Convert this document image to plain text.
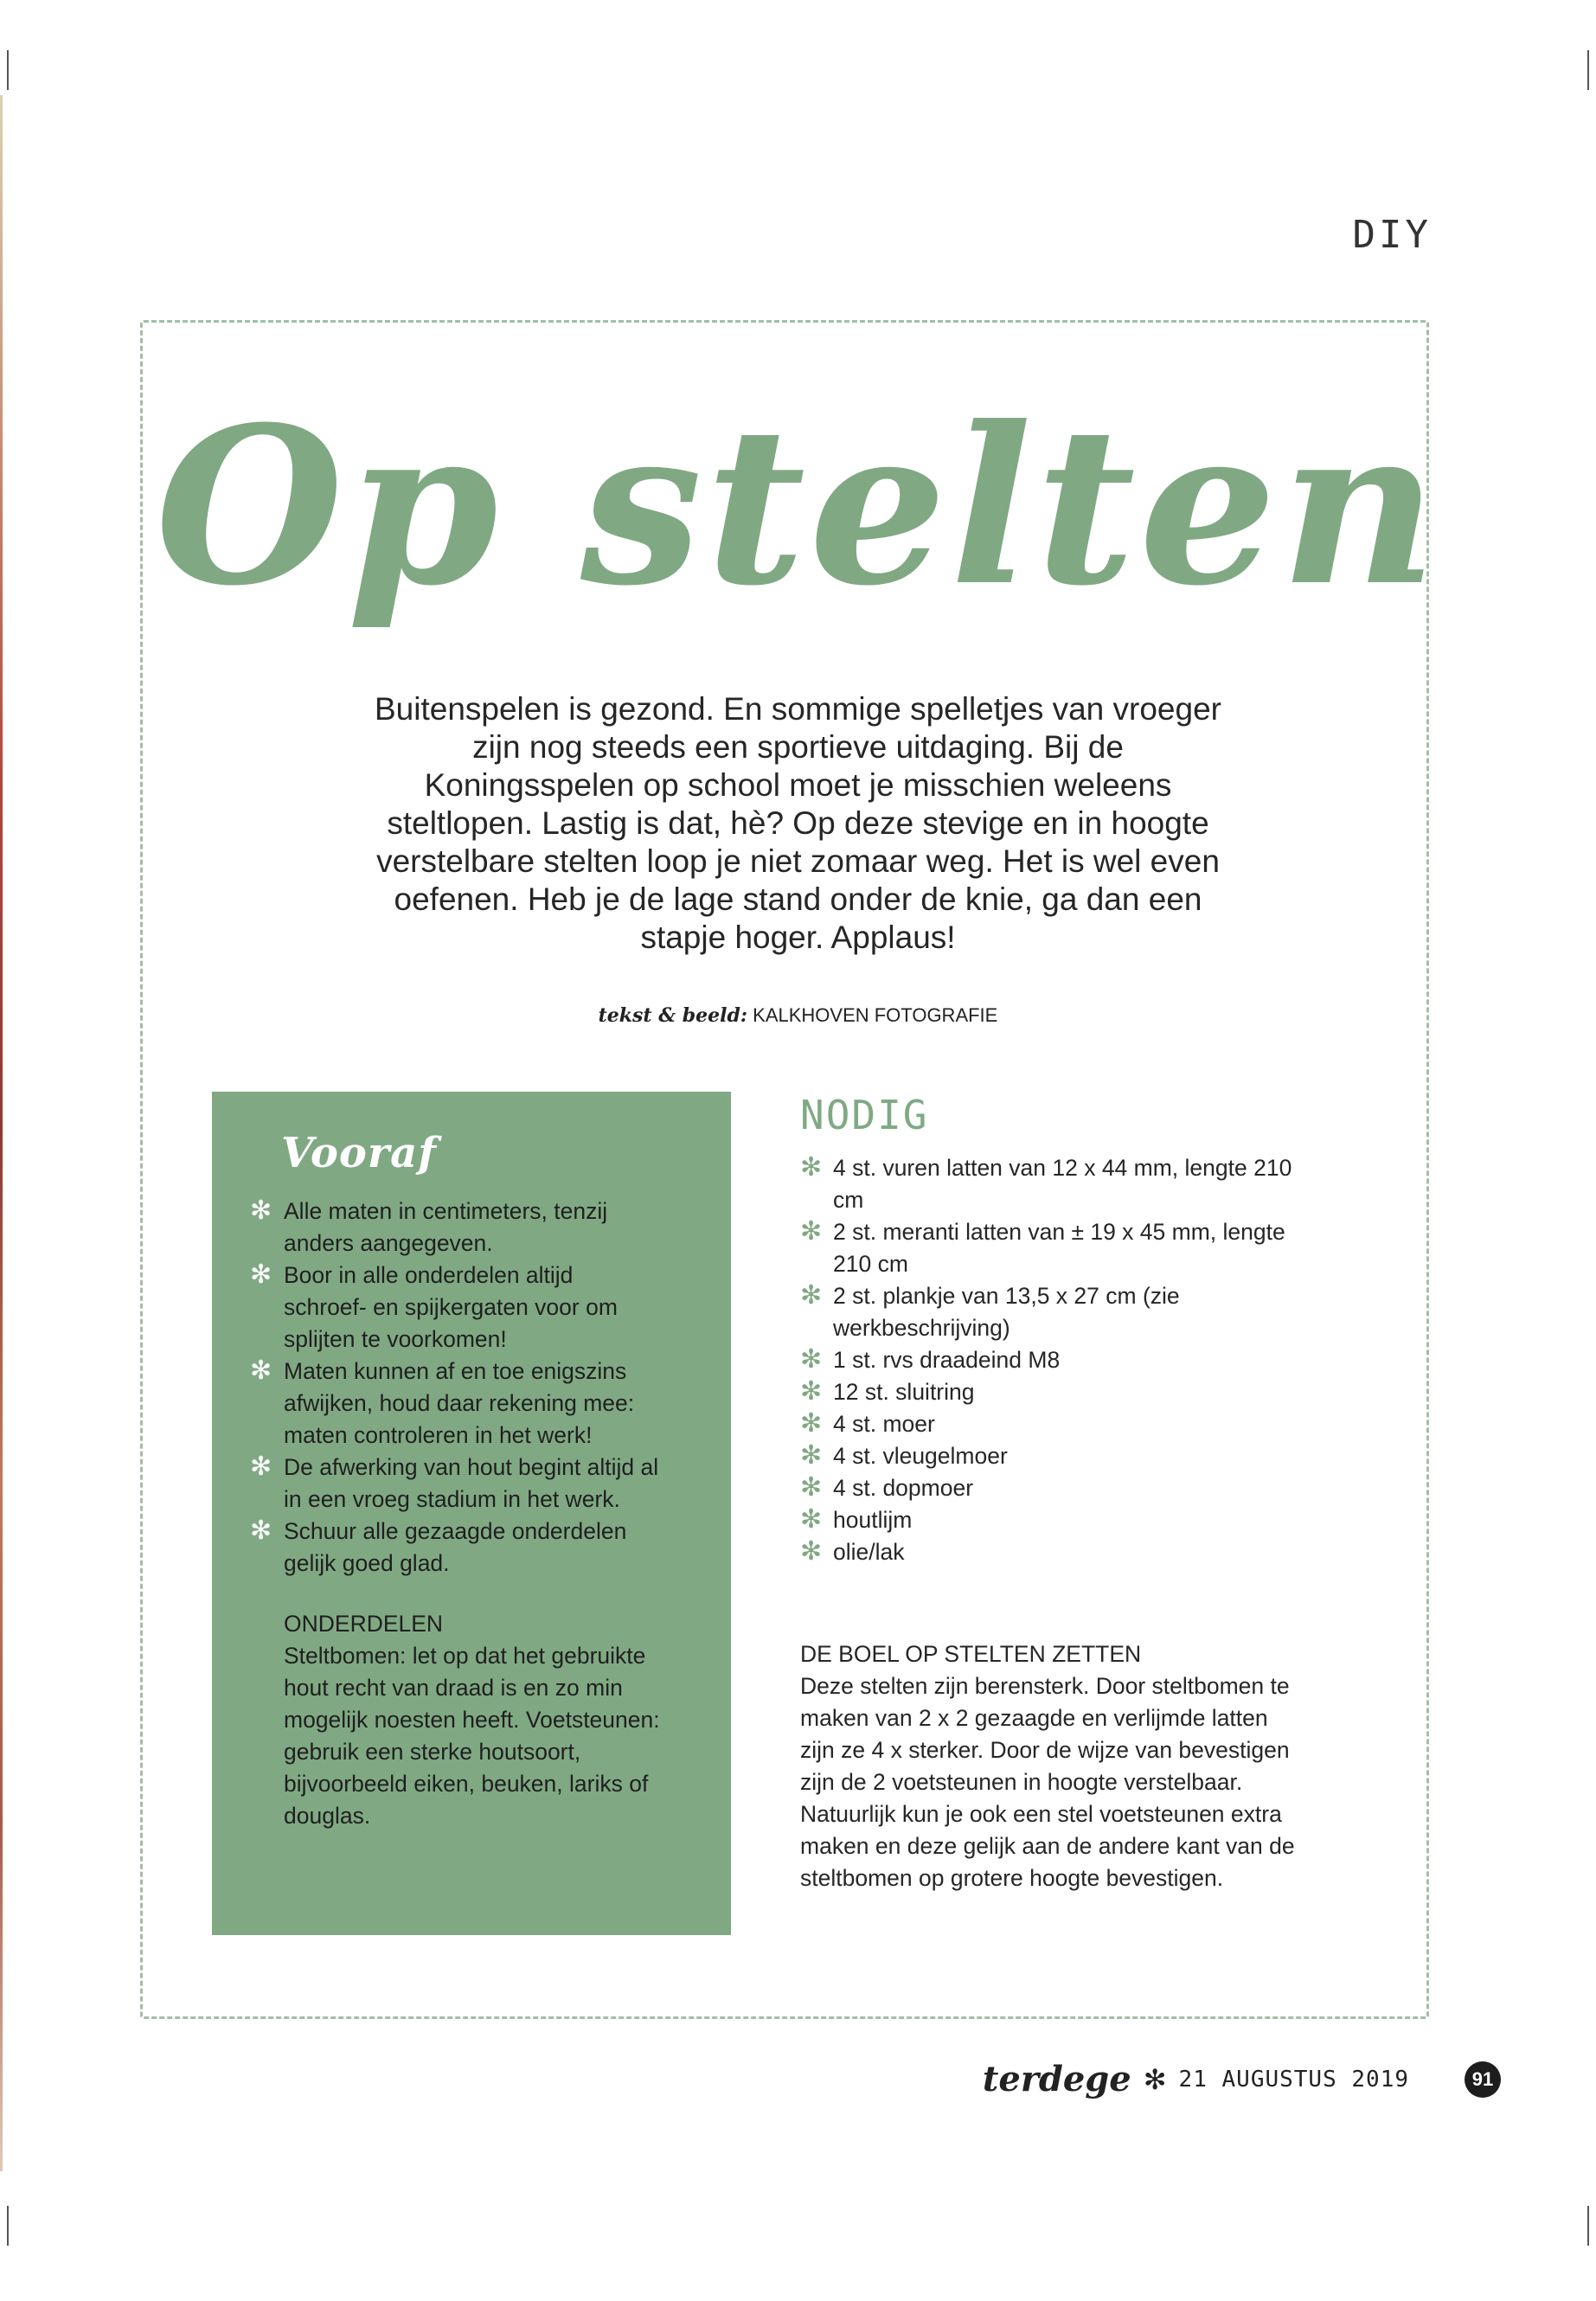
DIY
Op stelten

Buitenspelen is gezond. En sommige spelletjes van vroeger zijn nog steeds een sportieve uitdaging. Bij de Koningsspelen op school moet je misschien weleens steltlopen. Lastig is dat, hè? Op deze stevige en in hoogte verstelbare stelten loop je niet zomaar weg. Het is wel even oefenen. Heb je de lage stand onder de knie, ga dan een stapje hoger. Applaus!

tekst & beeld: KALKHOVEN FOTOGRAFIE
Vooraf
✻ Alle maten in centimeters, tenzij anders aangegeven.
✻ Boor in alle onderdelen altijd schroef- en spijkergaten voor om splijten te voorkomen!
✻ Maten kunnen af en toe enigszins afwijken, houd daar rekening mee: maten controleren in het werk!
✻ De afwerking van hout begint altijd al in een vroeg stadium in het werk.
✻ Schuur alle gezaagde onderdelen gelijk goed glad.
ONDERDELEN
Steltbomen: let op dat het gebruikte hout recht van draad is en zo min mogelijk noesten heeft. Voetsteunen: gebruik een sterke houtsoort, bijvoorbeeld eiken, beuken, lariks of douglas.
NODIG
✻ 4 st. vuren latten van 12 x 44 mm, lengte 210 cm
✻ 2 st. meranti latten van ± 19 x 45 mm, lengte 210 cm
✻ 2 st. plankje van 13,5 x 27 cm (zie werkbeschrijving)
✻ 1 st. rvs draadeind M8
✻ 12 st. sluitring
✻ 4 st. moer
✻ 4 st. vleugelmoer
✻ 4 st. dopmoer
✻ houtlijm
✻ olie/lak
DE BOEL OP STELTEN ZETTEN
Deze stelten zijn berensterk. Door steltbomen te maken van 2 x 2 gezaagde en verlijmde latten zijn ze 4 x sterker. Door de wijze van bevestigen zijn de 2 voetsteunen in hoogte verstelbaar. Natuurlijk kun je ook een stel voetsteunen extra maken en deze gelijk aan de andere kant van de steltbomen op grotere hoogte bevestigen.
terdege ✻ 21 AUGUSTUS 2019	91
